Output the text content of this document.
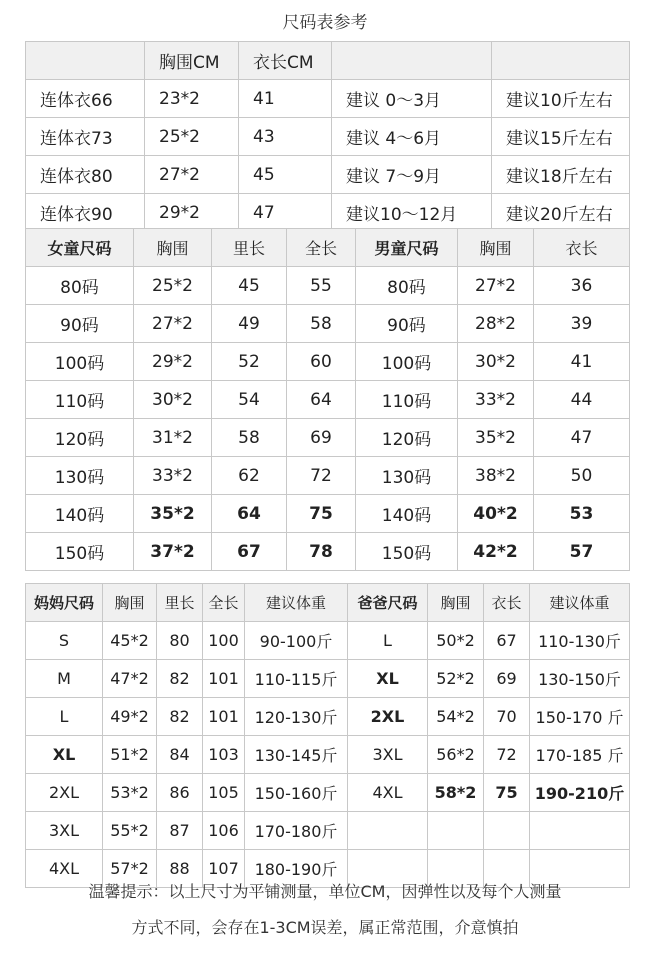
尺码表参考
	胸围CM	衣长CM		
连体衣66	23*2	41	建议 0～3月	建议10斤左右
连体衣73	25*2	43	建议 4～6月	建议15斤左右
连体衣80	27*2	45	建议 7～9月	建议18斤左右
连体衣90	29*2	47	建议10～12月	建议20斤左右
女童尺码	胸围	里长	全长	男童尺码	胸围	衣长
80码	25*2	45	55	80码	27*2	36
90码	27*2	49	58	90码	28*2	39
100码	29*2	52	60	100码	30*2	41
110码	30*2	54	64	110码	33*2	44
120码	31*2	58	69	120码	35*2	47
130码	33*2	62	72	130码	38*2	50
140码	35*2	64	75	140码	40*2	53
150码	37*2	67	78	150码	42*2	57
妈妈尺码	胸围	里长	全长	建议体重	爸爸尺码	胸围	衣长	建议体重
S	45*2	80	100	90-100斤	L	50*2	67	110-130斤
M	47*2	82	101	110-115斤	XL	52*2	69	130-150斤
L	49*2	82	101	120-130斤	2XL	54*2	70	150-170 斤
XL	51*2	84	103	130-145斤	3XL	56*2	72	170-185 斤
2XL	53*2	86	105	150-160斤	4XL	58*2	75	190-210斤
3XL	55*2	87	106	170-180斤				
4XL	57*2	88	107	180-190斤				
温馨提示：以上尺寸为平铺测量，单位CM，因弹性以及每个人测量
方式不同，会存在1-3CM误差，属正常范围，介意慎拍
